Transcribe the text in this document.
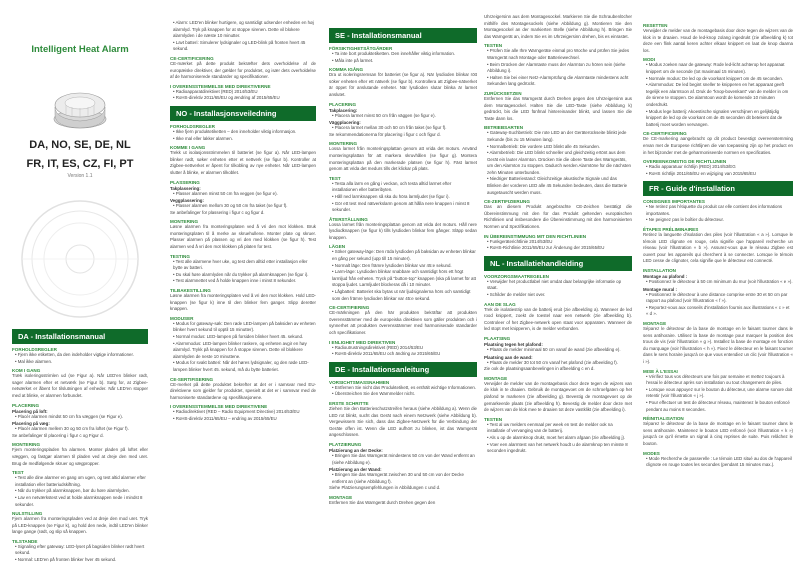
Intelligent Heat Alarm
DA, NO, SE, DE, NL
FR, IT, ES, CZ, FI, PT
Version 1.1
DA - Installationsmanual
FORHOLDSREGLER

• Fjern ikke etiketten, da den indeholder vigtige informationer.

• Mal ikke alarmen.

KOM I GANG

Træk isoleringsstrimlen ud (se Figur a). Når LED'en blinker rødt, sager alarmen efter et netværk (se Figur b). Sørg for, at Zigbee-netværket er åbent for tilslutningen af enheder. Når LED'en stopper med at blinke, er alarmen forbundet.

PLACERING
Placering på loft:

• Placér alarmen mindst 50 cm fra væggen (se Figur e).

Placering på væg:

• Placér alarmen mellem 30 og 50 cm fra loftet (se Figur f).

Se anbefalinger til placering i figur c og Figur d.

MONTERING

Fjern monteringspladen fra alarmen. Monter pladen på loftet eller væggen, og fastgør alarmen til pladen ved at dreje den med uret. Brug de medfølgende skruer og vægpropper.

TEST

• Test alle dine alarmer en gang om ugen, og test altid alarmer efter installation eller batteriudskiftning.

• Når du trykker på alarmknappen, bør du høre alarmlyden.

• Lav en netværkstest ved at holde alarmknappen nede i mindst 8 sekunder.

NULSTILLING

Fjern alarmen fra monteringspladen ved at dreje den mod uret. Tryk på LED-knappen (se Figur k), og hold den nede, indtil LED'en blinker lange gange (rødt, og slip så knappen.

TILSTANDE

• Signaling efter gateway: LED-lyset på bagsiden blinker rødt hvert sekund.

• Normal: LED'en på fronten blinker hver 45 sekund.

• Alarm: LED'en blinker hurtigere, og samtidigt udsender enheden en høj alarmlyd. Tryk på knappen for at stoppe sirenen. Dette vil blokere alarmlyden i de næste 10 minutter.

• Lavt batteri: Simulerer lydsignaler og LED-blink på fronten hvert 45 sekund.

CE-CERTIFICERING

CE-mærket på dette produkt bekræfter dets overholdelse af de europæiske direktiver, der gælder for produktet, og især dets overholdelse af de harmoniserede standarder og specifikationer.

I OVERENSSTEMMELSE MED DIREKTIVERNE

• Radioapparatdirektivet (RED) 2014/53/EU

• RoHS-direktiv 2011/65/EU og ændring af 2015/65/EU

NO - Installasjonsveiledning
FORHOLDSREGLER

• Ikke fjern produktetiketten – den inneholder viktig informasjon.

• Ikke mal eller lakker alarmen.

KOMME I GANG

Trekk ut isolasjonsstrimmelen til batteriet (se figur a). Når LED-lampen blinker rødt, søker enheten etter et nettverk (se figur b). Kontroller at Zigbee-nettverket er åpent for tilkobling av nye enheter. Når LED-lampen slutter å blinke, er alarmen tilkoblet.

PLASSERING
Takplassering:

• Plasser alarmen minst 50 cm fra veggen (se figur e).

Veggplassering:

• Plasser alarmen mellom 30 og 50 cm fra taket (se figur f).

Se anbefalinger for plassering i figur c og figur d.

MONTERING

Løsne alarmen fra monteringsplaten ved å vri den mot klokken. Bruk monteringsplaten til å merke av skruehullene. Monter plate og skruer. Plasser alarmen på plassen og vri den med klokken (se figur h). Test alarmen ved å vri den mot klokken på platen for test.

TESTING

• Test alle alarmene hver uke, og test dem alltid etter installasjon eller bytte av batteri.

• Du skal høre alarmlyden når du trykker på alarmknappen (se figur i).

• Test alarmnettet ved å holde knappen inne i minst 8 sekunder.

TILBAKESTILLING

Løsne alarmen fra monteringsplaten ved å vri den mot klokken. Hold LED-knappen (se figur k) inne til den blinker fem ganger. Slipp deretter knappen.

MODUSER

• Modus for gateway-søk: Den røde LED-lampen på baksiden av enheten blinker hvert sekund til opptil 15 minutter).

• Normal modus: LED-lampen på forsiden blinker hvert 45. sekund.

• Alarmmodus: LED-lampen blinker raskere, og enheten avgir en høy alarmlyd. Trykk på knappen for å stoppe sirenen. Dette vil blokkere alarmlyden de neste 10 minuttene.

• Modus for svakt batteri: Når det høres lydsignaler, og den røde LED-lampen blinker hvert 45. sekund, må du bytte batteriet.

CE-SERTIFISERING

CE-merket på dette produktet bekrefter at det er i samsvar med EU-direktivene som gjelder for produktet, spesielt at det er i samsvar med de harmoniserte standardene og spesifikasjonene.

I OVERENSSTEMMELSE MED DIREKTIVENE

• Radiodirektivet (RED – Radio Equipment Directive) 2014/53/EU

• RoHS-direktiv 2011/65/EU – endring av 2015/65/EU

SE - Installationsmanual
FÖRSIKTIGHETSÅTGÄRDER

• Ta inte bort produktetiketten. Den innehåller viktig information.

• Måla inte på larmet.

KOMMA IGÅNG

Dra ut isoleringsremsan för batteriet (se figur a). När lysdioden blinkar rött söker enheten efter ett nätverk (se figur b). Kontrollera att Zigbee-nätverket är öppet för anslutande enheter. När lysdioden slutar blinka är larmet anslutet.

PLACERING
Takplacering:

• Placera larmet minst 50 cm från väggen (se figur e).

Väggplacering:

• Placera larmet mellan 30 och 50 cm från taket (se figur f).

Se rekommendationerna för placering i figur c och figur d.

MONTERING

Lossa larmet från monteringsplattan genom att vrida det moturs. Använd monteringsplattan för att markera skruvhålen (se figur g). Montera monteringsplattan på den markerade platsen (se figur h). Fäst larmet genom att vrida det medurs tills det klickar på plats.

TEST

• Testa alla larm en gång i veckan, och testa alltid larmet efter installationen eller batteribyten.

• Håll ned larmknappen så ska du höra larmljudet (se figur i).

• Gör ett test med nätverkslarm genom att hålla nere knappen i minst 8 sekunder.

ÅTERSTÄLLNING

Lossa larmet från monteringsplattan genom att vrida det moturs. Håll nere lysdiodknappen (se figur k) tills lysdioden blinkar fem gånger. Släpp sedan knappen.

LÄGEN

• Söker gateway-läge: Den röda lysdioden på baksidan av enheten blinkar en gång per sekund (upp till 15 minuter).

• Normalt läge: Den främre lysdioden blinkar var 45:e sekund.

• Larm-läge: Lysdioden blinkar snabbare och samtidigt hörs ett högt larmljud från enheten. Tryck på "button-top" knappen (ska på larmet för att stoppa ljudet. Larmljudet blockeras då i 10 minuter.

• Lågbatteri: Batteriet ska bytas ut när ljudsignalerna hörs och samtidigt som den främre lysdioden blinkar var 45:e sekund.

CE-CERTIFIERING

CE-märkningen på den här produkten bekräftar att produkten överensstämmer med de europeiska direktiven som gäller produkten och i synnerhet att produkten överensstämmer med harmoniserade standarder och specifikationer.

I ENLIGHET MED DIREKTIVEN

• Radioutrustningsdirektivet (RED) 2014/53/EU

• RoHS-direktiv 2011/65/EU och ändring av 2015/65/EU

DE - Installationsanleitung
VORSICHTSMASSNAHMEN

• Entfernen Sie nicht das Produktetikett, es enthält wichtige Informationen.

• Überstreichen Sie den Warnmelder nicht.

ERSTE SCHRITTE

Ziehen Sie den Batterieschutzstreifen heraus (siehe Abbildung a). Wenn die LED rot blinkt, sucht das Gerät nach einem Netzwerk (siehe Abbildung b). Vergewissern Sie sich, dass das Zigbee-Netzwerk für die Verbindung der Geräte offen ist. Wenn die LED aufhört zu blinken, ist das Warngerät angeschlossen.

PLATZIERUNG
Platzierung an der Decke:

• Bringen Sie das Warngerät mindestens 50 cm von der Wand entfernt an (siehe Abbildung e).

Platzierung an der Wand:

• Bringen Sie das Warngerät zwischen 30 und 50 cm von der Decke entfernt an (siehe Abbildung f).

Siehe Platzierungsempfehlungen in Abbildungen c und d.

MONTAGE

Entfernen Sie das Warngerät durch Drehen gegen den

Uhrzeigersinn aus dem Montagesockel. Markieren Sie die Schraubenlöcher mithilfe des Montagesockels (siehe Abbildung g). Montieren Sie den Montagesockel an der markierten Stelle (siehe Abbildung h). Bringen Sie das Warngerät an, indem Sie es im Uhrzeigersinn drehen, bis es einrastet.

TESTEN

• Prüfen Sie alle Ihre Warngeräte einmal pro Woche und prüfen Sie jedes Warngerät nach Montage oder Batteriewechsel.

• Beim Drücken der Alarmtaste muss der Alarmton zu hören sein (siehe Abbildung i).

• Halten Sie bei einer Netz-Alarmprüfung die Alarmtaste mindestens acht Sekunden lang gedrückt.

ZURÜCKSETZEN

Entfernen Sie das Warngerät durch Drehen gegen den Uhrzeigersinn aus dem Montagesockel. Halten Sie die LED-Taste (siehe Abbildung k) gedrückt, bis die LED fünfmal hintereinander blinkt, und lassen Sie die Taste dann los.

BETRIEBSARTEN

• Gateway-Suchbetrieb: Die rote LED an der Geräterückseite blinkt jede Sekunde (bis zu 15 Minuten lang).

• Normalbetrieb: Die vordere LED blinkt alle 45 Sekunden.

• Alarmbetrieb: Die LED blinkt schneller und gleichzeitig ertönt aus dem Gerät ein lauter Alarmton. Drücken Sie die obere Taste des Warngeräts, um den Alarmton zu stoppen. Dadurch werden Alarmtöne für die nächsten zehn Minuten unterbunden.

• Niedriger Batteriestand: Gleichzeitige akustische Signale und das Blinken der vorderen LED alle 45 Sekunden bedeuten, dass die Batterie ausgetauscht werden muss.

CE-ZERTIFIZIERUNG

Das an diesem Produkt angebrachte CE-Zeichen bestätigt die Übereinstimmung mit den für das Produkt geltenden europäischen Richtlinien und insbesondere die Übereinstimmung mit den harmonisierten Normen und Spezifikationen.

IN ÜBEREINSTIMMUNG MIT DEN RICHTLINIEN

• Funkgeräterichtlinie 2014/53/EU

• RoHS-Richtlinie 2011/65/EU zur Änderung der 2015/65/EU

NL - Installatiehandleiding
VOORZORGSMAATREGELEN

• Verwijder het productlabel niet omdat daar belangrijke informatie op staat.

• Schilder de melder niet over.

AAN DE SLAG

Trek de isolatiestrip van de batterij eruit (zie afbeelding a). Wanneer de led rood knippert, zoekt de toestel naar een netwerk (zie afbeelding b). Controleer of het Zigbee-netwerk open staat voor apparaten. Wanneer de led stopt met knipperen, is de melder verbonden.

PLAATSING
Plaatsing tegen het plafond:

• Plaats de melder minimaal 50 cm vanaf de wand (zie afbeelding e).

Plaatsing aan de wand:

• Plaats de melder 30 tot 50 cm vanaf het plafond (zie afbeelding f).

Zie ook de plaatsingsaanbevelingen in afbeelding c en d.

MONTAGE

Verwijder de melder van de montagebasis door deze tegen de wijzers van de klok in te draaien. Gebruik de montagevoet om de schroefgaten op het plafond te markeren (zie afbeelding g). Bevestig de montagevoet op de gemarkeerde plaats (zie afbeelding h). Bevestig de melder door deze met de wijzers van de klok mee te draaien tot deze vastklikt (zie afbeelding i).

TESTEN

• Test al uw melders eenmaal per week en test de melder ook na installatie of vervanging van de batterij.

• Als u op de alarmknop drukt, moet het alarm afgaan (zie afbeelding j).

• Voer een alarmtest van het netwerk houdt u de alarmknop ten minste 8 seconden ingedrukt.

RESETTEN

Verwijder de melder van de montagebasis door deze tegen de wijzers van de klok in te draaien. Houd de led-knop zolang ingedrukt (zie afbeelding k) tot deze een flink aantal keren achter elkaar knippert en laat de knop daarna los.

MODI

• Modus zoeken naar de gateway: Rode led-licht achterop het apparaat knippert om de seconde (tot maximaal 15 minuten).

• Normale modus: De led op de voorkant knippert om de 45 seconden.

• Alarmmodus: De led begint sneller te knipperen en het apparaat geeft tegelijk een alarmtoon af. Druk de "knop-bovenkant" van de melder in om de sirene te stoppen. De alarmtoon wordt de komende 10 minuten onderdrukt.

• Modus lege batterij: Akoestische signalen verschijnen en gelijktijdig knippert de led op de voorkant om de 45 seconden dit betekent dat de batterij moet worden vervangen.

CE-CERTIFICERING

De CE-markering aangebracht op dit product bevestigt overeenstemming ervan met de Europese richtlijnen die van toepassing zijn op het product en in het bijzonder met de geharmoniseerde normen en specificaties.

OVEREENKOMSTIG DE RICHTLIJNEN

• Radio apparatuur richtlijn (RED) 2014/53/EG

• RoHS richtlijn 2011/65/EU en wijziging van 2015/65/EU

FR - Guide d'installation
CONSIGNES IMPORTANTES

• Ne retirez pas l'étiquette du produit car elle contient des informations importantes.

• Ne peignez pas le boîtier du détecteur.

ÉTAPES PRÉLIMINAIRES

Retirez la languette d'isolation des piles (voir l'illustration « a »). Lorsque le témoin LED clignote en rouge, cela signifie que l'appareil recherche un réseau (voir l'illustration « b »). Assurez-vous que le réseau Zigbee est ouvert pour les appareils qui cherchent à se connecter. Lorsque le témoin LED cesse de clignoter, cela signifie que le détecteur est connecté.

INSTALLATION
Montage au plafond :

• Positionnez le détecteur à 50 cm minimum du mur (voir l'illustration « e »).

Montage mural :

• Positionnez le détecteur à une distance comprise entre 30 et 50 cm par rapport au plafond (voir l'illustration « f »).

• Reportez-vous aux conseils d'installation fournis aux illustrations « c » et « d ».

MONTAGE

Séparez le détecteur de la base de montage en le faisant tourner dans le sens antihoraire. Utilisez la base de montage pour marquer la position des trous de vis (voir l'illustration « g »). Installez la base de montage en fonction du marquage (voir l'illustration « h »). Fixez le détecteur en le faisant tourner dans le sens horaire jusqu'à ce que vous entendiez un clic (voir l'illustration « i »).

MISE À L'ESSAI

• Vérifiez tous vos détecteurs une fois par semaine et mettez toujours à l'essai le détecteur après son installation ou tout changement de piles.

• Lorsque vous appuyez sur le bouton du détecteur, une alarme sonore doit retentir (voir l'illustration « j »).

• Pour effectuer un test de détecteur réseau, maintenez le bouton enfoncé pendant au moins 8 secondes.

RÉINITIALISATION

Séparez le détecteur de la base de montage en le faisant tourner dans le sens antihoraire. Maintenez le bouton LED enfoncé (voir l'illustration « k ») jusqu'à ce qu'il émette un signal à cinq reprises de suite. Puis relâchez le bouton.

MODES

• Mode Recherche de passerelle : Le témoin LED situé au dos de l'appareil clignote en rouge toutes les secondes (pendant 15 minutes max.).
